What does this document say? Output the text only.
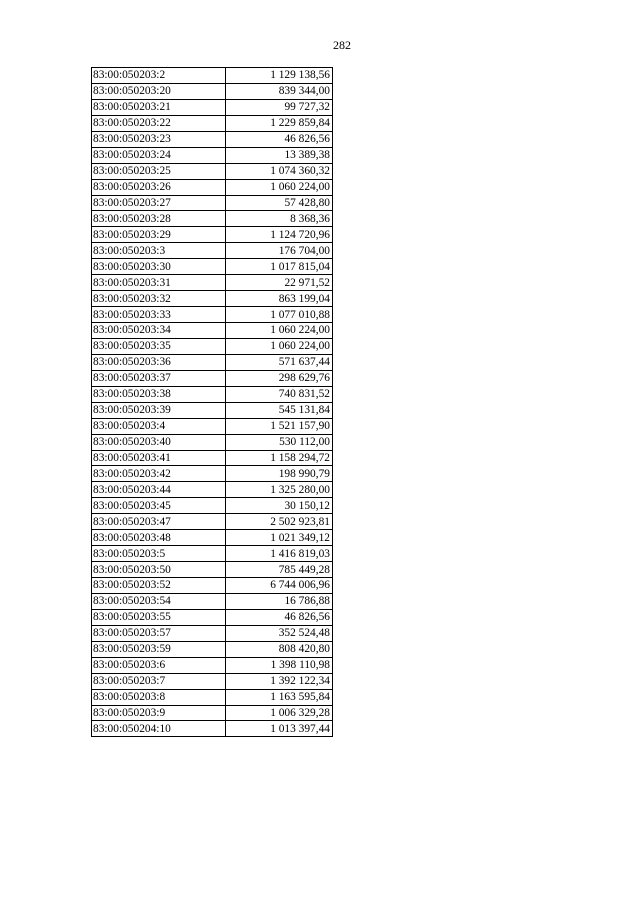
282
83:00:050203:2	1 129 138,56
83:00:050203:20	839 344,00
83:00:050203:21	99 727,32
83:00:050203:22	1 229 859,84
83:00:050203:23	46 826,56
83:00:050203:24	13 389,38
83:00:050203:25	1 074 360,32
83:00:050203:26	1 060 224,00
83:00:050203:27	57 428,80
83:00:050203:28	8 368,36
83:00:050203:29	1 124 720,96
83:00:050203:3	176 704,00
83:00:050203:30	1 017 815,04
83:00:050203:31	22 971,52
83:00:050203:32	863 199,04
83:00:050203:33	1 077 010,88
83:00:050203:34	1 060 224,00
83:00:050203:35	1 060 224,00
83:00:050203:36	571 637,44
83:00:050203:37	298 629,76
83:00:050203:38	740 831,52
83:00:050203:39	545 131,84
83:00:050203:4	1 521 157,90
83:00:050203:40	530 112,00
83:00:050203:41	1 158 294,72
83:00:050203:42	198 990,79
83:00:050203:44	1 325 280,00
83:00:050203:45	30 150,12
83:00:050203:47	2 502 923,81
83:00:050203:48	1 021 349,12
83:00:050203:5	1 416 819,03
83:00:050203:50	785 449,28
83:00:050203:52	6 744 006,96
83:00:050203:54	16 786,88
83:00:050203:55	46 826,56
83:00:050203:57	352 524,48
83:00:050203:59	808 420,80
83:00:050203:6	1 398 110,98
83:00:050203:7	1 392 122,34
83:00:050203:8	1 163 595,84
83:00:050203:9	1 006 329,28
83:00:050204:10	1 013 397,44
